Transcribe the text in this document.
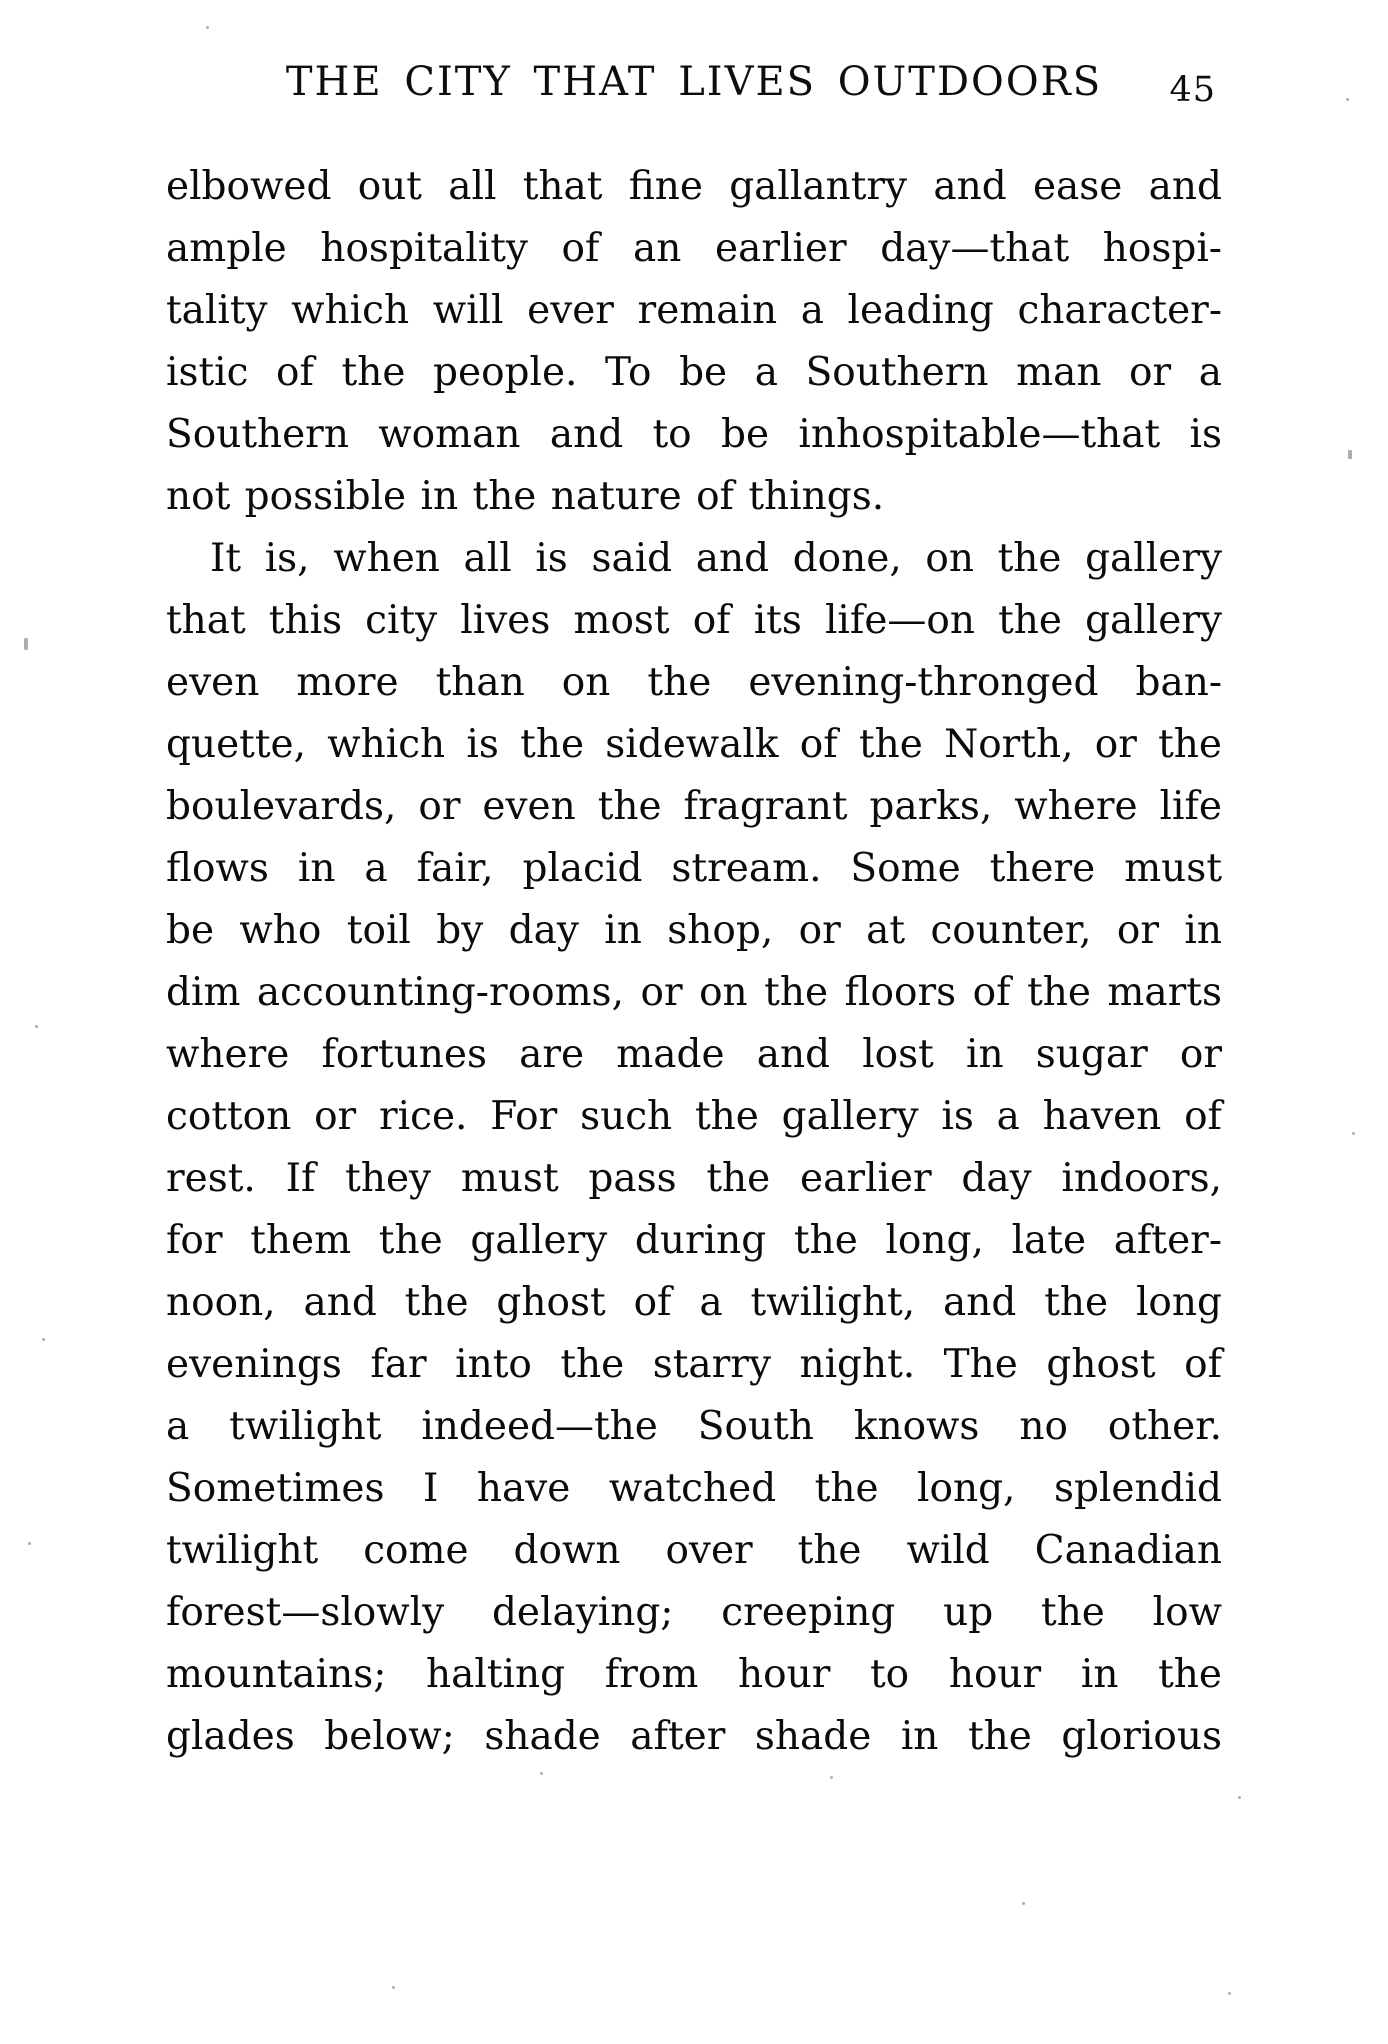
THE CITY THAT LIVES OUTDOORS	45
elbowed out all that fine gallantry and ease and
ample hospitality of an earlier day—that hospi-
tality which will ever remain a leading character-
istic of the people. To be a Southern man or a
Southern woman and to be inhospitable—that is
not possible in the nature of things.
It is, when all is said and done, on the gallery
that this city lives most of its life—on the gallery
even more than on the evening-thronged ban-
quette, which is the sidewalk of the North, or the
boulevards, or even the fragrant parks, where life
flows in a fair, placid stream. Some there must
be who toil by day in shop, or at counter, or in
dim accounting-rooms, or on the floors of the marts
where fortunes are made and lost in sugar or
cotton or rice. For such the gallery is a haven of
rest. If they must pass the earlier day indoors,
for them the gallery during the long, late after-
noon, and the ghost of a twilight, and the long
evenings far into the starry night. The ghost of
a twilight indeed—the South knows no other.
Sometimes I have watched the long, splendid
twilight come down over the wild Canadian
forest—slowly delaying; creeping up the low
mountains; halting from hour to hour in the
glades below; shade after shade in the glorious
